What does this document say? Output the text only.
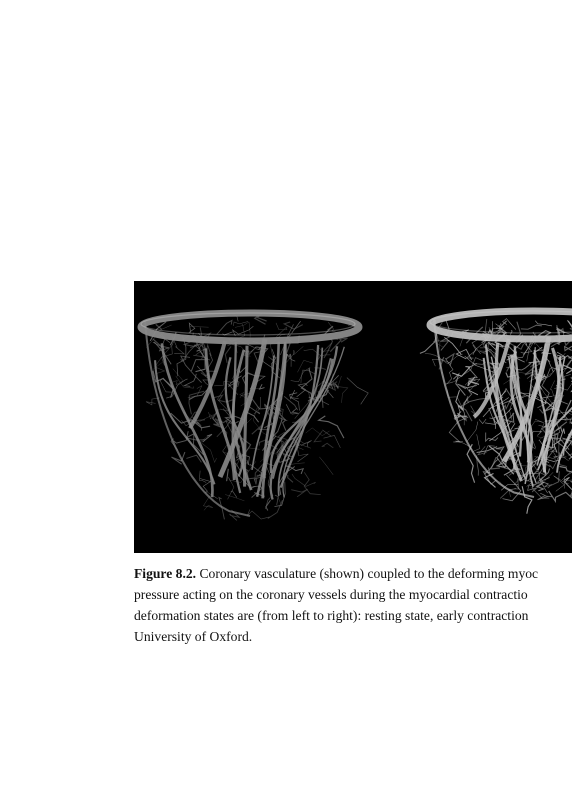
Figure 8.2. Coronary vasculature (shown) coupled to the deforming myoc
pressure acting on the coronary vessels during the myocardial contractio
deformation states are (from left to right): resting state, early contraction
University of Oxford.
